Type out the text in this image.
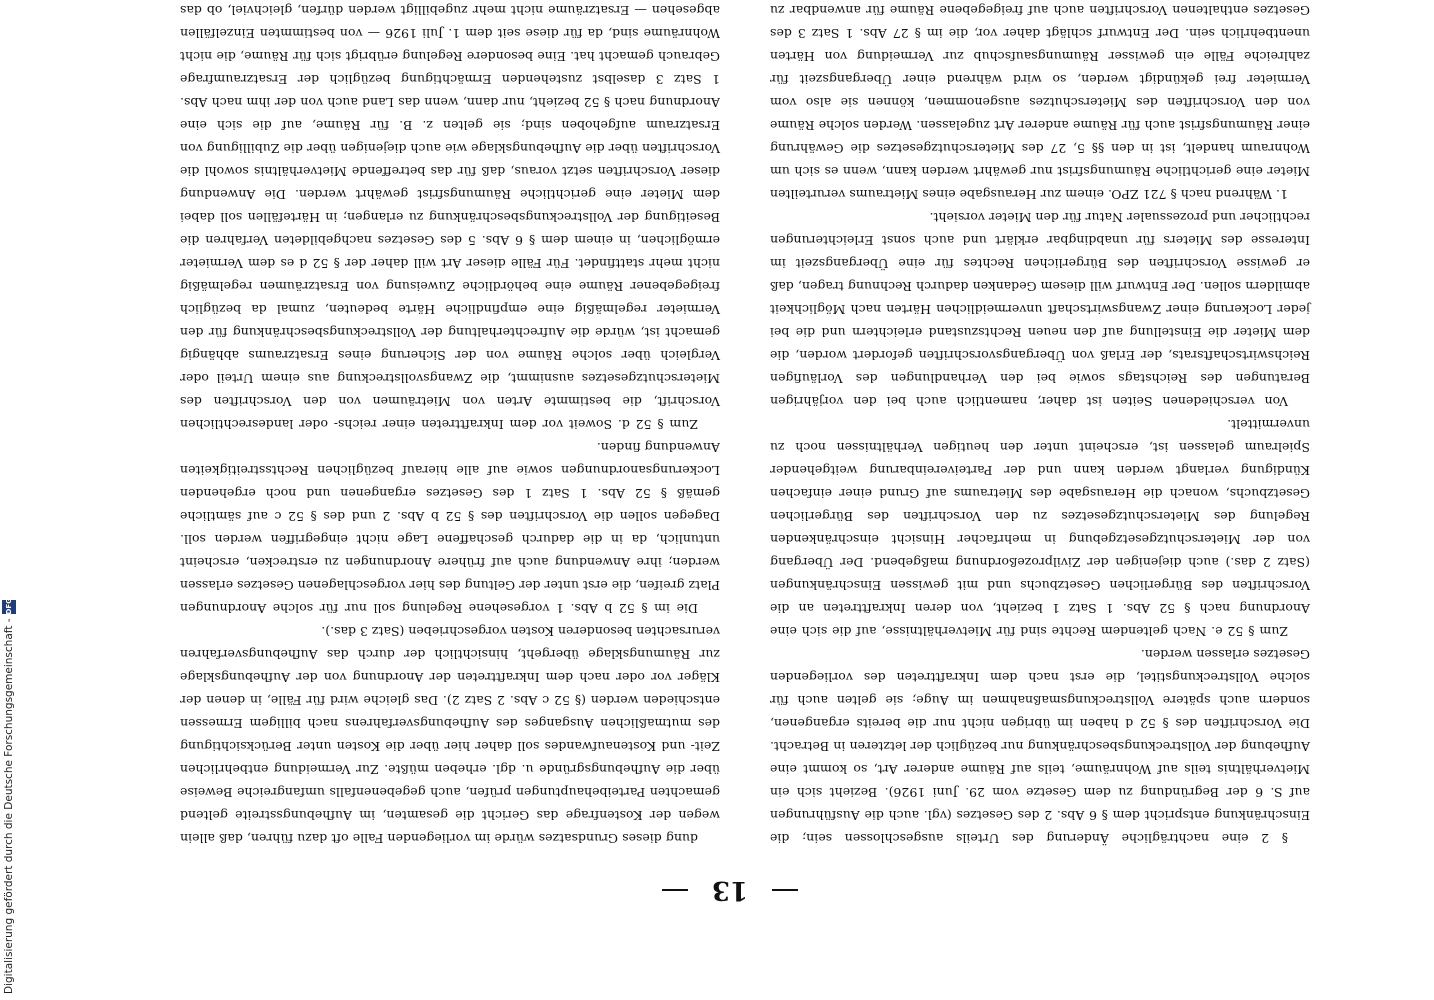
13

§ 2 eine nachträgliche Änderung des Urteils ausgeschlossen sein; die Einschränkung entspricht dem § 6 Abs. 2 des Gesetzes (vgl. auch die Ausführungen auf S. 6 der Begründung zu dem Gesetze vom 29. Juni 1926). Bezieht sich ein Mietverhältnis teils auf Wohnräume, teils auf Räume anderer Art, so kommt eine Aufhebung der Vollstreckungsbeschränkung nur bezüglich der letzteren in Betracht. Die Vorschriften des § 52 d haben im übrigen nicht nur die bereits ergangenen, sondern auch spätere Vollstreckungsmaßnahmen im Auge; sie gelten auch für solche Vollstreckungstitel, die erst nach dem Inkrafttreten des vorliegenden Gesetzes erlassen werden.

Zum § 52 e. Nach geltendem Rechte sind für Mietverhältnisse, auf die sich eine Anordnung nach § 52 Abs. 1 Satz 1 bezieht, von deren Inkrafttreten an die Vorschriften des Bürgerlichen Gesetzbuchs und mit gewissen Einschränkungen (Satz 2 das.) auch diejenigen der Zivilprozeßordnung maßgebend. Der Übergang von der Mieterschutzgesetzgebung in mehrfacher Hinsicht einschränkenden Regelung des Mieterschutzgesetzes zu den Vorschriften des Bürgerlichen Gesetzbuchs, wonach die Herausgabe des Mietraums auf Grund einer einfachen Kündigung verlangt werden kann und der Parteivereinbarung weitgehender Spielraum gelassen ist, erscheint unter den heutigen Verhältnissen noch zu unvermittelt.

Von verschiedenen Seiten ist daher, namentlich auch bei den vorjährigen Beratungen des Reichstags sowie bei den Verhandlungen des Vorläufigen Reichswirtschaftsrats, der Erlaß von Übergangsvorschriften gefordert worden, die dem Mieter die Einstellung auf den neuen Rechtszustand erleichtern und die bei jeder Lockerung einer Zwangswirtschaft unvermeidlichen Härten nach Möglichkeit abmildern sollen. Der Entwurf will diesem Gedanken dadurch Rechnung tragen, daß er gewisse Vorschriften des Bürgerlichen Rechtes für eine Übergangszeit im Interesse des Mieters für unabdingbar erklärt und auch sonst Erleichterungen rechtlicher und prozessualer Natur für den Mieter vorsieht.

1. Während nach § 721 ZPO. einem zur Herausgabe eines Mietraums verurteilten Mieter eine gerichtliche Räumungsfrist nur gewährt werden kann, wenn es sich um Wohnraum handelt, ist in den §§ 5, 27 des Mieterschutzgesetzes die Gewährung einer Räumungsfrist auch für Räume anderer Art zugelassen. Werden solche Räume von den Vorschriften des Mieterschutzes ausgenommen, können sie also vom Vermieter frei gekündigt werden, so wird während einer Übergangszeit für zahlreiche Fälle ein gewisser Räumungsaufschub zur Vermeidung von Härten unentbehrlich sein. Der Entwurf schlägt daher vor, die im § 27 Abs. 1 Satz 3 des Gesetzes enthaltenen Vorschriften auch auf freigegebene Räume für anwendbar zu

dung dieses Grundsatzes würde im vorliegenden Falle oft dazu führen, daß allein wegen der Kostenfrage das Gericht die gesamten, im Aufhebungsstreite geltend gemachten Parteibehauptungen prüfen, auch gegebenenfalls umfangreiche Beweise über die Aufhebungsgründe u. dgl. erheben müßte. Zur Vermeidung entbehrlichen Zeit- und Kostenaufwandes soll daher hier über die Kosten unter Berücksichtigung des mutmaßlichen Ausganges des Aufhebungsverfahrens nach billigem Ermessen entschieden werden (§ 52 c Abs. 2 Satz 2). Das gleiche wird für Fälle, in denen der Kläger vor oder nach dem Inkrafttreten der Anordnung von der Aufhebungsklage zur Räumungsklage übergeht, hinsichtlich der durch das Aufhebungsverfahren verursachten besonderen Kosten vorgeschrieben (Satz 3 das.).

Die im § 52 b Abs. 1 vorgesehene Regelung soll nur für solche Anordnungen Platz greifen, die erst unter der Geltung des hier vorgeschlagenen Gesetzes erlassen werden; ihre Anwendung auch auf frühere Anordnungen zu erstrecken, erscheint untunlich, da in die dadurch geschaffene Lage nicht eingegriffen werden soll. Dagegen sollen die Vorschriften des § 52 b Abs. 2 und des § 52 c auf sämtliche gemäß § 52 Abs. 1 Satz 1 des Gesetzes ergangenen und noch ergehenden Lockerungsanordnungen sowie auf alle hierauf bezüglichen Rechtsstreitigkeiten Anwendung finden.

Zum § 52 d. Soweit vor dem Inkrafttreten einer reichs- oder landesrechtlichen Vorschrift, die bestimmte Arten von Mieträumen von den Vorschriften des Mieterschutzgesetzes ausnimmt, die Zwangsvollstreckung aus einem Urteil oder Vergleich über solche Räume von der Sicherung eines Ersatzraums abhängig gemacht ist, würde die Aufrechterhaltung der Vollstreckungsbeschränkung für den Vermieter regelmäßig eine empfindliche Härte bedeuten, zumal da bezüglich freigegebener Räume eine behördliche Zuweisung von Ersatzräumen regelmäßig nicht mehr stattfindet. Für Fälle dieser Art will daher der § 52 d es dem Vermieter ermöglichen, in einem dem § 6 Abs. 5 des Gesetzes nachgebildeten Verfahren die Beseitigung der Vollstreckungsbeschränkung zu erlangen; in Härtefällen soll dabei dem Mieter eine gerichtliche Räumungsfrist gewährt werden. Die Anwendung dieser Vorschriften setzt voraus, daß für das betreffende Mietverhältnis sowohl die Vorschriften über die Aufhebungsklage wie auch diejenigen über die Zubilligung von Ersatzraum aufgehoben sind; sie gelten z. B. für Räume, auf die sich eine Anordnung nach § 52 bezieht, nur dann, wenn das Land auch von der ihm nach Abs. 1 Satz 3 daselbst zustehenden Ermächtigung bezüglich der Ersatzraumfrage Gebrauch gemacht hat. Eine besondere Regelung erübrigt sich für Räume, die nicht Wohnräume sind, da für diese seit dem 1. Juli 1926 — von bestimmten Einzelfällen abgesehen — Ersatzräume nicht mehr zugebilligt werden dürfen, gleichviel, ob das

Digitalisierung gefördert durch die Deutsche Forschungsgemeinschaft -
DFG
